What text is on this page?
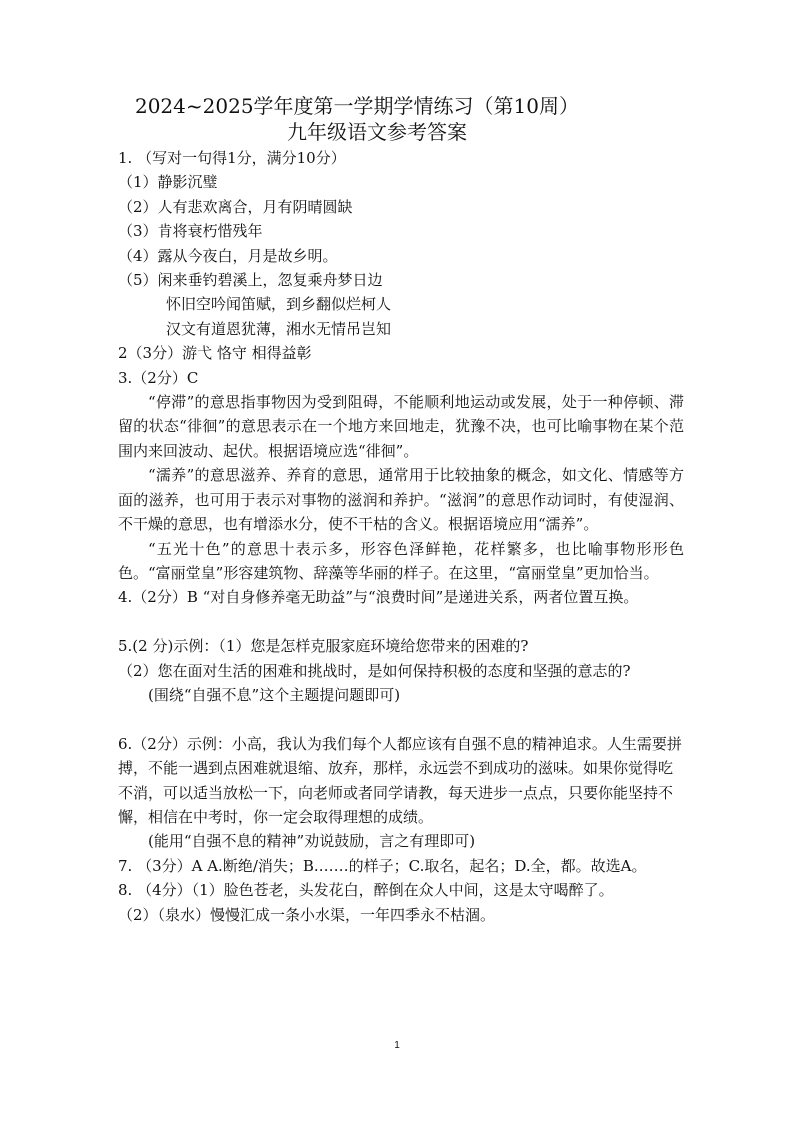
2024~2025学年度第一学期学情练习（第10周）
九年级语文参考答案

1. （写对一句得1分，满分10分）

（1）静影沉璧

（2）人有悲欢离合，月有阴晴圆缺

（3）肯将衰朽惜残年

（4）露从今夜白，月是故乡明。

（5）闲来垂钓碧溪上，忽复乘舟梦日边

怀旧空吟闻笛赋，到乡翻似烂柯人

汉文有道恩犹薄，湘水无情吊岂知

2（3分）游弋 恪守 相得益彰

3.（2分）C

“停滞”的意思指事物因为受到阻碍，不能顺利地运动或发展，处于一种停顿、滞留的状态“徘徊”的意思表示在一个地方来回地走，犹豫不决，也可比喻事物在某个范围内来回波动、起伏。根据语境应选“徘徊”。

“濡养”的意思滋养、养育的意思，通常用于比较抽象的概念，如文化、情感等方面的滋养，也可用于表示对事物的滋润和养护。“滋润”的意思作动词时，有使湿润、不干燥的意思，也有增添水分，使不干枯的含义。根据语境应用“濡养”。

“五光十色”的意思十表示多，形容色泽鲜艳，花样繁多，也比喻事物形形色色。“富丽堂皇”形容建筑物、辞藻等华丽的样子。在这里，“富丽堂皇”更加恰当。

4.（2分）B “对自身修养毫无助益”与“浪费时间”是递进关系，两者位置互换。

5.(2 分)示例：（1）您是怎样克服家庭环境给您带来的困难的?

（2）您在面对生活的困难和挑战时，是如何保持积极的态度和坚强的意志的?

(围绕“自强不息”这个主题提问题即可)

6.（2分）示例：小高，我认为我们每个人都应该有自强不息的精神追求。人生需要拼搏，不能一遇到点困难就退缩、放弃，那样，永远尝不到成功的滋味。如果你觉得吃不消，可以适当放松一下，向老师或者同学请教，每天进步一点点，只要你能坚持不懈，相信在中考时，你一定会取得理想的成绩。

(能用“自强不息的精神”劝说鼓励，言之有理即可)

7. （3分）A A.断绝/消失；B.……的样子；C.取名，起名；D.全，都。故选A。

8. （4分）（1）脸色苍老，头发花白，醉倒在众人中间，这是太守喝醉了。

（2）（泉水）慢慢汇成一条小水渠，一年四季永不枯涸。

1
